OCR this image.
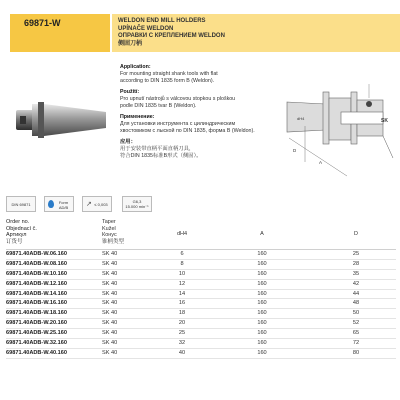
69871-W	WELDON END MILL HOLDERS
UPÍNAČE WELDON
ОПРАВКИ С КРЕПЛЕНИЕМ WELDON
侧固刀柄
Application:
For mounting straight shank tools with flat
according to DIN 1835 form B (Weldon).
Použití:
Pro upnutí nástrojů s válcovou stopkou s ploškou
podle DIN 1835 tvar B (Weldon).
Применение:
Для установки инструмента с цилиндрическим
хвостовиком с лыской по DIN 1835, форма B (Weldon).
应用：
用于安装带直柄平面直柄刀具，
符合DIN 1835标准B形式（侧固）。
SK
A
D
dH4
DIN 69871	Form AD/B	↗ ≤ 0,003
G6,3
15.000 min⁻¹
Order no.
Objednací č.
Артикул
订货号
Taper
Kužel
Конус
锥柄类型
dH4	A	D
69871.40ADB-W.06.160	SK 40	6	160	25
69871.40ADB-W.08.160	SK 40	8	160	28
69871.40ADB-W.10.160	SK 40	10	160	35
69871.40ADB-W.12.160	SK 40	12	160	42
69871.40ADB-W.14.160	SK 40	14	160	44
69871.40ADB-W.16.160	SK 40	16	160	48
69871.40ADB-W.18.160	SK 40	18	160	50
69871.40ADB-W.20.160	SK 40	20	160	52
69871.40ADB-W.25.160	SK 40	25	160	65
69871.40ADB-W.32.160	SK 40	32	160	72
69871.40ADB-W.40.160	SK 40	40	160	80
